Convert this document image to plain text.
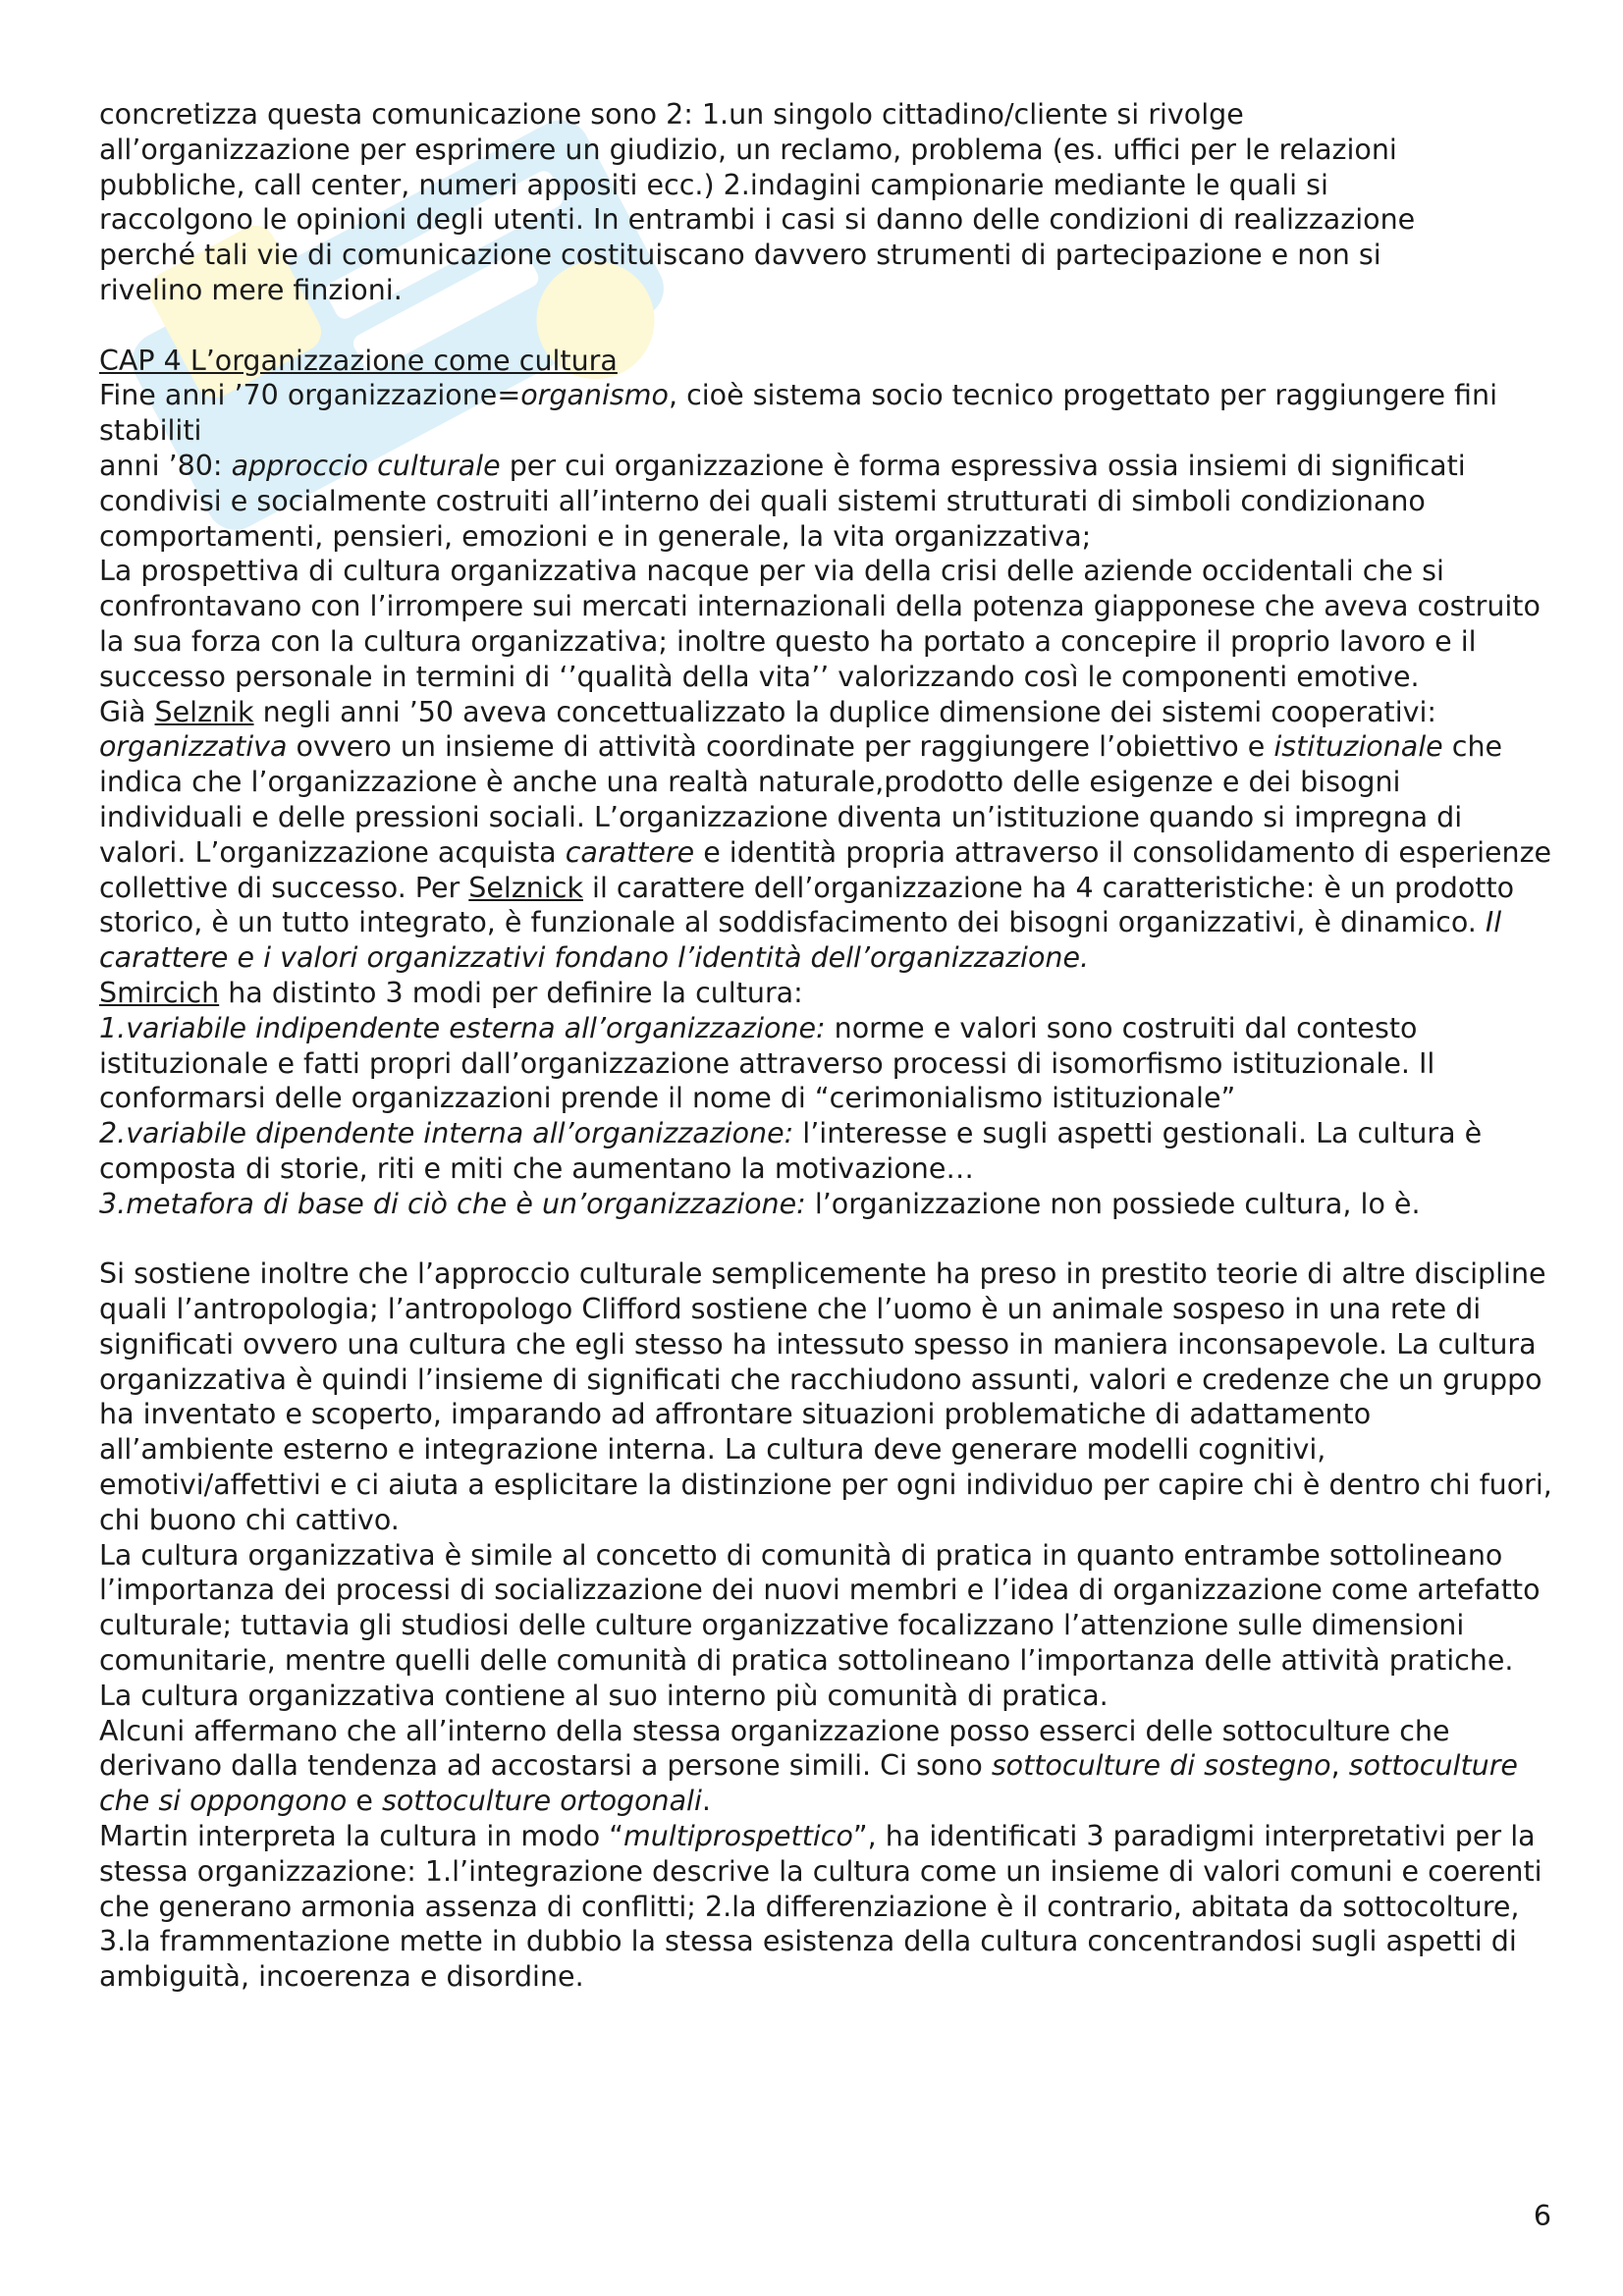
concretizza questa comunicazione sono 2: 1.un singolo cittadino/cliente si rivolge
all’organizzazione per esprimere un giudizio, un reclamo, problema (es. uffici per le relazioni
pubbliche, call center, numeri appositi ecc.) 2.indagini campionarie mediante le quali si
raccolgono le opinioni degli utenti. In entrambi i casi si danno delle condizioni di realizzazione
perché tali vie di comunicazione costituiscano davvero strumenti di partecipazione e non si
rivelino mere finzioni.
CAP 4 L’organizzazione come cultura
Fine anni ’70 organizzazione=organismo, cioè sistema socio tecnico progettato per raggiungere fini stabiliti
anni ’80: approccio culturale per cui organizzazione è forma espressiva ossia insiemi di significati condivisi e socialmente costruiti all’interno dei quali sistemi strutturati di simboli condizionano comportamenti, pensieri, emozioni e in generale, la vita organizzativa;
La prospettiva di cultura organizzativa nacque per via della crisi delle aziende occidentali che si confrontavano con l’irrompere sui mercati internazionali della potenza giapponese che aveva costruito la sua forza con la cultura organizzativa; inoltre questo ha portato a concepire il proprio lavoro e il successo personale in termini di ‘’qualità della vita’’ valorizzando così le componenti emotive.
Già Selznik negli anni ’50 aveva concettualizzato la duplice dimensione dei sistemi cooperativi: organizzativa ovvero un insieme di attività coordinate per raggiungere l’obiettivo e istituzionale che indica che l’organizzazione è anche una realtà naturale,prodotto delle esigenze e dei bisogni individuali e delle pressioni sociali. L’organizzazione diventa un’istituzione quando si impregna di valori. L’organizzazione acquista carattere e identità propria attraverso il consolidamento di esperienze collettive di successo. Per Selznick il carattere dell’organizzazione ha 4 caratteristiche: è un prodotto storico, è un tutto integrato, è funzionale al soddisfacimento dei bisogni organizzativi, è dinamico. Il carattere e i valori organizzativi fondano l’identità dell’organizzazione.
Smircich ha distinto 3 modi per definire la cultura:
1.variabile indipendente esterna all’organizzazione: norme e valori sono costruiti dal contesto istituzionale e fatti propri dall’organizzazione attraverso processi di isomorfismo istituzionale. Il conformarsi delle organizzazioni prende il nome di “cerimonialismo istituzionale”
2.variabile dipendente interna all’organizzazione: l’interesse e sugli aspetti gestionali. La cultura è composta di storie, riti e miti che aumentano la motivazione…
3.metafora di base di ciò che è un’organizzazione: l’organizzazione non possiede cultura, lo è.
Si sostiene inoltre che l’approccio culturale semplicemente ha preso in prestito teorie di altre discipline quali l’antropologia; l’antropologo Clifford sostiene che l’uomo è un animale sospeso in una rete di significati ovvero una cultura che egli stesso ha intessuto spesso in maniera inconsapevole. La cultura organizzativa è quindi l’insieme di significati che racchiudono assunti, valori e credenze che un gruppo ha inventato e scoperto, imparando ad affrontare situazioni problematiche di adattamento all’ambiente esterno e integrazione interna. La cultura deve generare modelli cognitivi, emotivi/affettivi e ci aiuta a esplicitare la distinzione per ogni individuo per capire chi è dentro chi fuori, chi buono chi cattivo.
La cultura organizzativa è simile al concetto di comunità di pratica in quanto entrambe sottolineano l’importanza dei processi di socializzazione dei nuovi membri e l’idea di organizzazione come artefatto culturale; tuttavia gli studiosi delle culture organizzative focalizzano l’attenzione sulle dimensioni comunitarie, mentre quelli delle comunità di pratica sottolineano l’importanza delle attività pratiche. La cultura organizzativa contiene al suo interno più comunità di pratica.
Alcuni affermano che all’interno della stessa organizzazione posso esserci delle sottoculture che derivano dalla tendenza ad accostarsi a persone simili. Ci sono sottoculture di sostegno, sottoculture che si oppongono e sottoculture ortogonali.
Martin interpreta la cultura in modo “multiprospettico”, ha identificati 3 paradigmi interpretativi per la stessa organizzazione: 1.l’integrazione descrive la cultura come un insieme di valori comuni e coerenti che generano armonia assenza di conflitti; 2.la differenziazione è il contrario, abitata da sottocolture, 3.la frammentazione mette in dubbio la stessa esistenza della cultura concentrandosi sugli aspetti di ambiguità, incoerenza e disordine.
6
